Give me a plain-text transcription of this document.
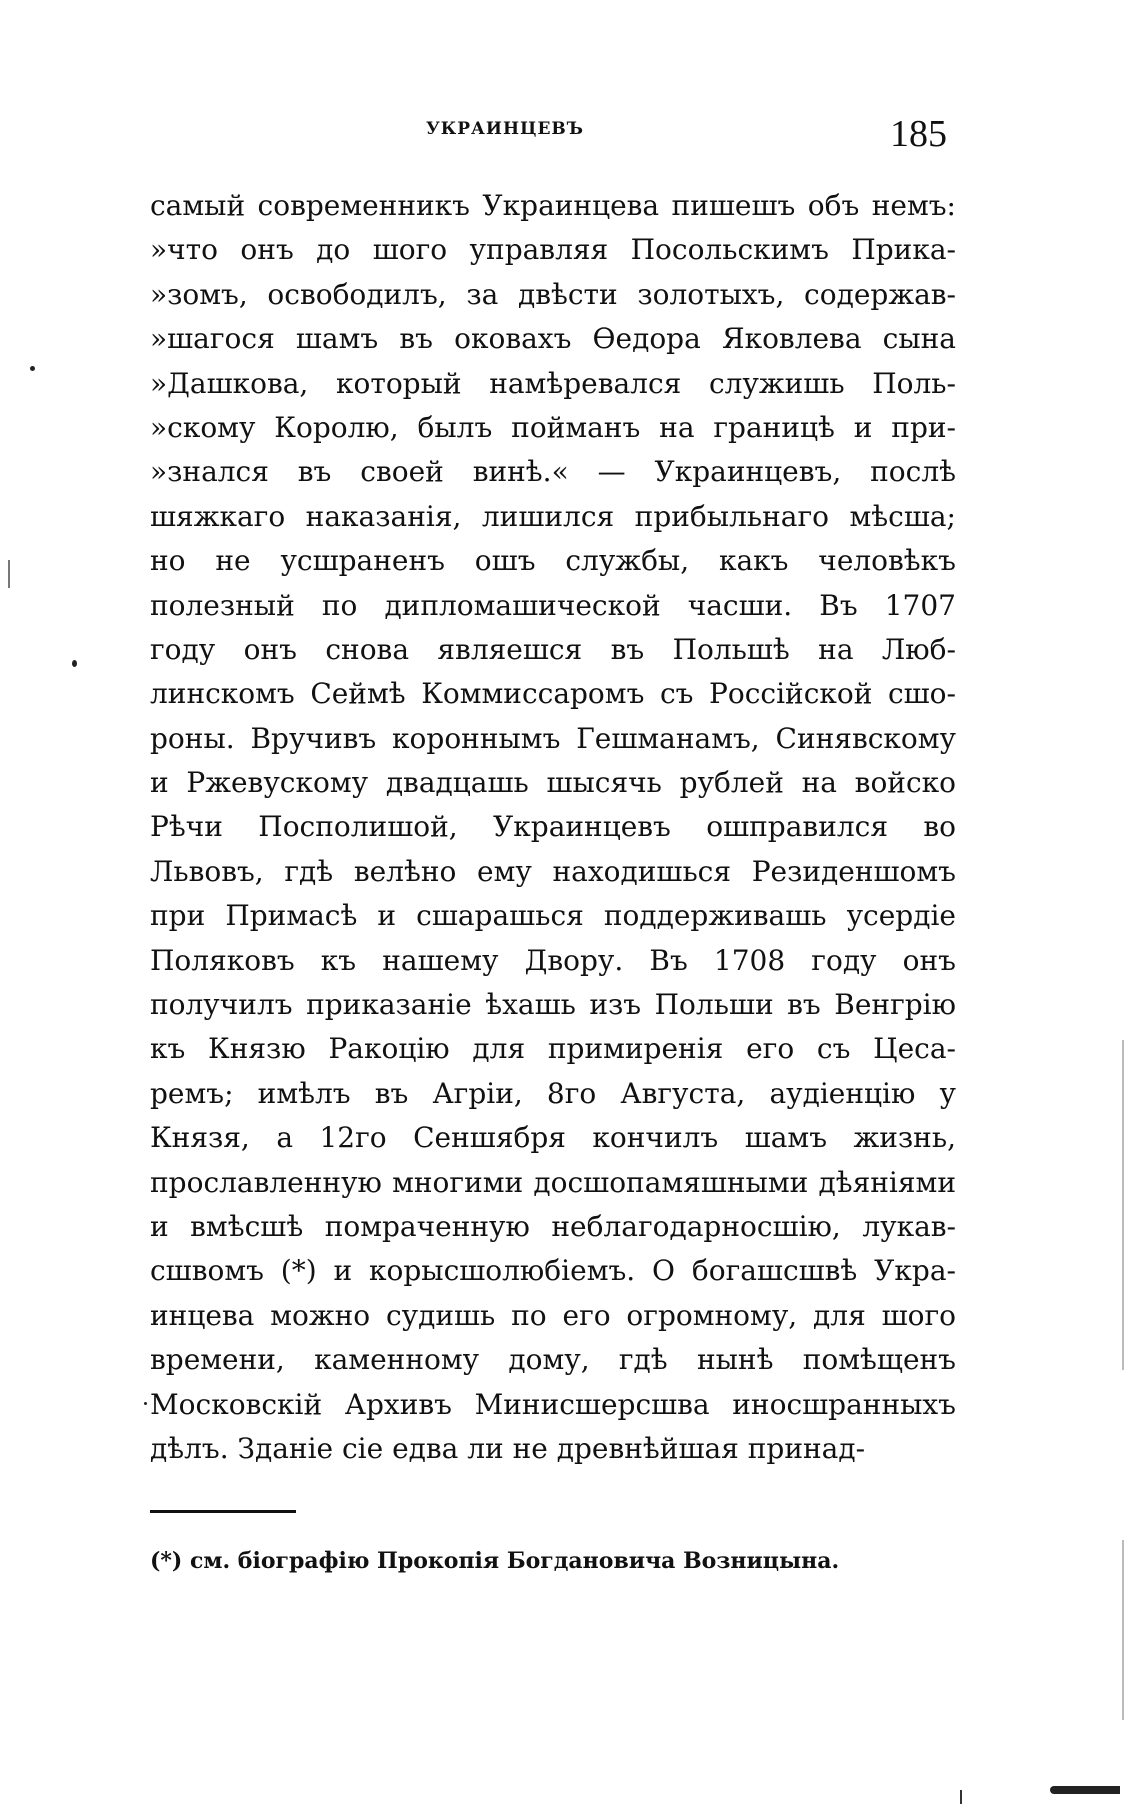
УКРАИНЦЕВЪ	185
самый современникъ Украинцева пишешъ объ немъ:
»что онъ до шого управляя Посольскимъ Прика-
»зомъ, освободилъ, за двѣсти золотыхъ, содержав-
»шагося шамъ въ оковахъ Ѳедора Яковлева сына
»Дашкова, который намѣревался служишь Поль-
»скому Королю, былъ пойманъ на границѣ и при-
»знался въ своей винѣ.« — Украинцевъ, послѣ
шяжкаго наказанія, лишился прибыльнаго мѣсша;
но не усшраненъ ошъ службы, какъ человѣкъ
полезный по дипломашической часши. Въ 1707
году онъ снова являешся въ Польшѣ на Люб-
линскомъ Сеймѣ Коммиссаромъ съ Россійской сшо-
роны. Вручивъ короннымъ Гешманамъ, Синявскому
и Ржевускому двадцашь шысячь рублей на войско
Рѣчи Посполишой, Украинцевъ ошправился во
Львовъ, гдѣ велѣно ему находишься Резиденшомъ
при Примасѣ и сшарашься поддерживашь усердіе
Поляковъ къ нашему Двору. Въ 1708 году онъ
получилъ приказаніе ѣхашь изъ Польши въ Венгрію
къ Князю Ракоцію для примиренія его съ Цеса-
ремъ; имѣлъ въ Агріи, 8го Августа, аудіенцію у
Князя, а 12го Сеншября кончилъ шамъ жизнь,
прославленную многими досшопамяшными дѣяніями
и вмѣсшѣ помраченную неблагодарносшію, лукав-
сшвомъ (*) и корысшолюбіемъ. О богашсшвѣ Укра-
инцева можно судишь по его огромному, для шого
времени, каменному дому, гдѣ нынѣ помѣщенъ
Московскій Архивъ Минисшерсшва иносшранныхъ
дѣлъ. Зданіе сіе едва ли не древнѣйшая принад-
(*) см. біографію Прокопія Богдановича Возницына.
